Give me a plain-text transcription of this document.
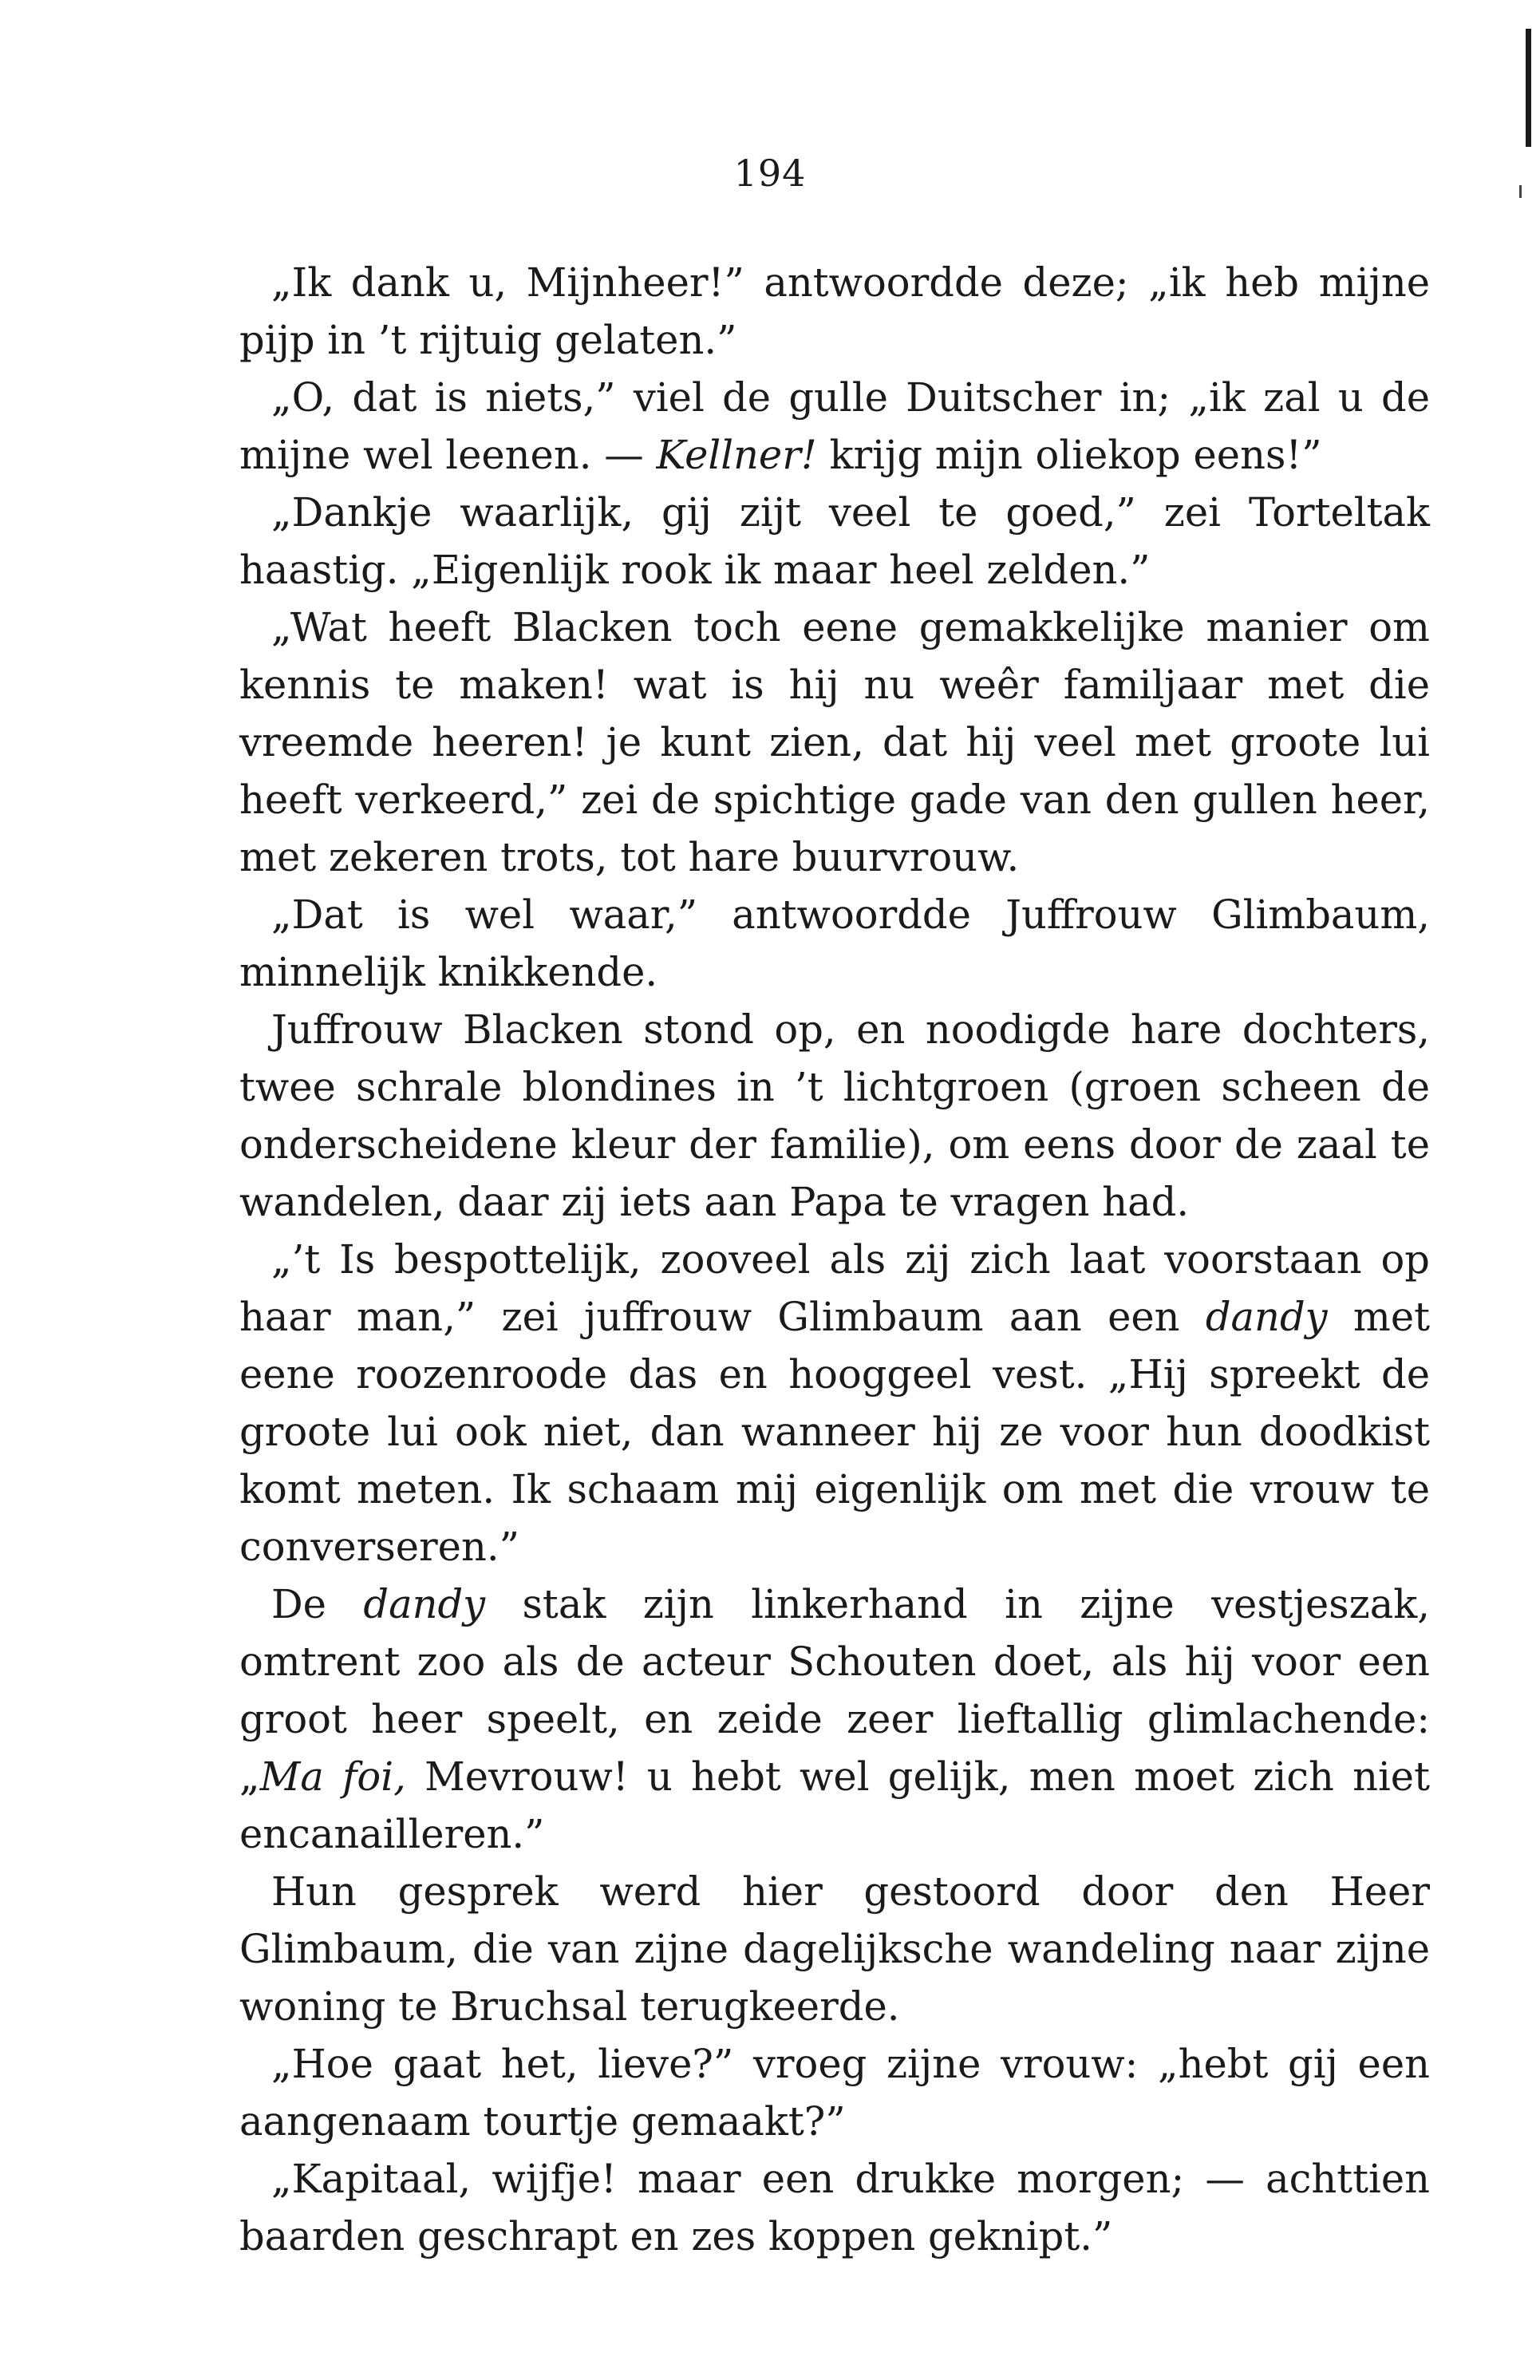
194

„Ik dank u, Mijnheer!” antwoordde deze; „ik heb mijne pijp in ’t rijtuig gelaten.”

„O, dat is niets,” viel de gulle Duitscher in; „ik zal u de mijne wel leenen. — Kellner! krijg mijn oliekop eens!”

„Dankje waarlijk, gij zijt veel te goed,” zei Torteltak haastig. „Eigenlijk rook ik maar heel zelden.”

„Wat heeft Blacken toch eene gemakkelijke manier om kennis te maken! wat is hij nu weêr familjaar met die vreemde heeren! je kunt zien, dat hij veel met groote lui heeft verkeerd,” zei de spichtige gade van den gullen heer, met zekeren trots, tot hare buurvrouw.

„Dat is wel waar,” antwoordde Juffrouw Glimbaum, minnelijk knikkende.

Juffrouw Blacken stond op, en noodigde hare dochters, twee schrale blondines in ’t lichtgroen (groen scheen de onderscheidene kleur der familie), om eens door de zaal te wandelen, daar zij iets aan Papa te vragen had.

„’t Is bespottelijk, zooveel als zij zich laat voorstaan op haar man,” zei juffrouw Glimbaum aan een dandy met eene roozenroode das en hooggeel vest. „Hij spreekt de groote lui ook niet, dan wanneer hij ze voor hun doodkist komt meten. Ik schaam mij eigenlijk om met die vrouw te converseren.”

De dandy stak zijn linkerhand in zijne vestjeszak, omtrent zoo als de acteur Schouten doet, als hij voor een groot heer speelt, en zeide zeer lieftallig glimlachende: „Ma foi, Mevrouw! u hebt wel gelijk, men moet zich niet encanailleren.”

Hun gesprek werd hier gestoord door den Heer Glimbaum, die van zijne dagelijksche wandeling naar zijne woning te Bruchsal terugkeerde.

„Hoe gaat het, lieve?” vroeg zijne vrouw: „hebt gij een aangenaam tourtje gemaakt?”

„Kapitaal, wijfje! maar een drukke morgen; — achttien baarden geschrapt en zes koppen geknipt.”
